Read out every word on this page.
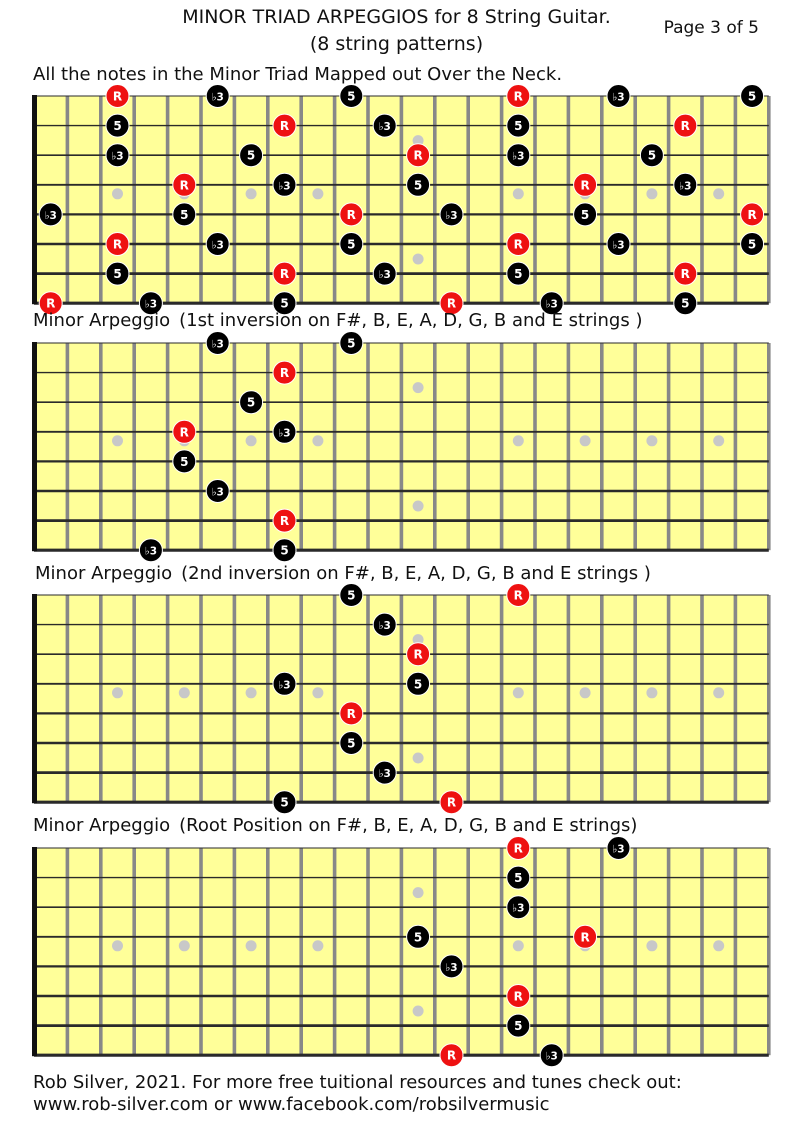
MINOR TRIAD ARPEGGIOS for 8 String Guitar.
(8 string patterns)
Page 3 of 5
All the notes in the Minor Triad Mapped out Over the Neck.
R	♭3	5	R	♭3	5
5	R	♭3	5	R
♭3	5	R	♭3	5
R	♭3	5	R	♭3
♭3	5	R	♭3	5	R
R	♭3	5	R	♭3	5
5	R	♭3	5	R
R	♭3	5	R	♭3	5
Minor Arpeggio (1st inversion on F#, B, E, A, D, G, B and E strings )
♭3	5
R
5
R	♭3
5
♭3
R
♭3	5
Minor Arpeggio (2nd inversion on F#, B, E, A, D, G, B and E strings )
5	R
♭3
R
♭3	5
R
5
♭3
5	R
Minor Arpeggio (Root Position on F#, B, E, A, D, G, B and E strings)
R	♭3
5
♭3
5	R
♭3
R
5
R	♭3
Rob Silver, 2021. For more free tuitional resources and tunes check out:
www.rob-silver.com or www.facebook.com/robsilvermusic
